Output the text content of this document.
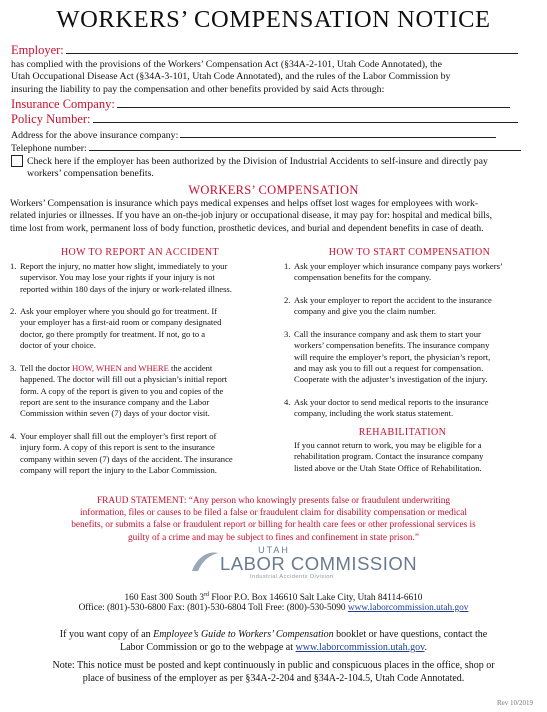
WORKERS’ COMPENSATION NOTICE
Employer:
has complied with the provisions of the Workers’ Compensation Act (§34A-2-101, Utah Code Annotated), the
Utah Occupational Disease Act (§34A-3-101, Utah Code Annotated), and the rules of the Labor Commission by
insuring the liability to pay the compensation and other benefits provided by said Acts through:
Insurance Company:
Policy Number:
Address for the above insurance company:
Telephone number:
Check here if the employer has been authorized by the Division of Industrial Accidents to self-insure and directly pay
workers’ compensation benefits.
WORKERS’ COMPENSATION
Workers’ Compensation is insurance which pays medical expenses and helps offset lost wages for employees with work-
related injuries or illnesses. If you have an on-the-job injury or occupational disease, it may pay for: hospital and medical bills,
time lost from work, permanent loss of body function, prosthetic devices, and burial and dependent benefits in case of death.
HOW TO REPORT AN ACCIDENT	HOW TO START COMPENSATION
1. Report the injury, no matter how slight, immediately to your
supervisor. You may lose your rights if your injury is not
reported within 180 days of the injury or work-related illness.
2. Ask your employer where you should go for treatment. If
your employer has a first-aid room or company designated
doctor, go there promptly for treatment. If not, go to a
doctor of your choice.
3. Tell the doctor HOW, WHEN and WHERE the accident
happened. The doctor will fill out a physician’s initial report
form. A copy of the report is given to you and copies of the
report are sent to the insurance company and the Labor
Commission within seven (7) days of your doctor visit.
4. Your employer shall fill out the employer’s first report of
injury form. A copy of this report is sent to the insurance
company within seven (7) days of the accident. The insurance
company will report the injury to the Labor Commission.
1. Ask your employer which insurance company pays workers’
compensation benefits for the company.
2. Ask your employer to report the accident to the insurance
company and give you the claim number.
3. Call the insurance company and ask them to start your
workers’ compensation benefits. The insurance company
will require the employer’s report, the physician’s report,
and may ask you to fill out a request for compensation.
Cooperate with the adjuster’s investigation of the injury.
4. Ask your doctor to send medical reports to the insurance
company, including the work status statement.
REHABILITATION
If you cannot return to work, you may be eligible for a
rehabilitation program. Contact the insurance company
listed above or the Utah State Office of Rehabilitation.
FRAUD STATEMENT: “Any person who knowingly presents false or fraudulent underwriting
information, files or causes to be filed a false or fraudulent claim for disability compensation or medical
benefits, or submits a false or fraudulent report or billing for health care fees or other professional services is
guilty of a crime and may be subject to fines and confinement in state prison.”
UTAH
LABOR COMMISSION
Industrial Accidents Division
160 East 300 South 3rd Floor P.O. Box 146610 Salt Lake City, Utah 84114-6610
Office: (801)-530-6800 Fax: (801)-530-6804 Toll Free: (800)-530-5090 www.laborcommission.utah.gov
If you want copy of an Employee’s Guide to Workers’ Compensation booklet or have questions, contact the
Labor Commission or go to the webpage at www.laborcommission.utah.gov.
Note: This notice must be posted and kept continuously in public and conspicuous places in the office, shop or
place of business of the employer as per §34A-2-204 and §34A-2-104.5, Utah Code Annotated.
Rev 10/2019
